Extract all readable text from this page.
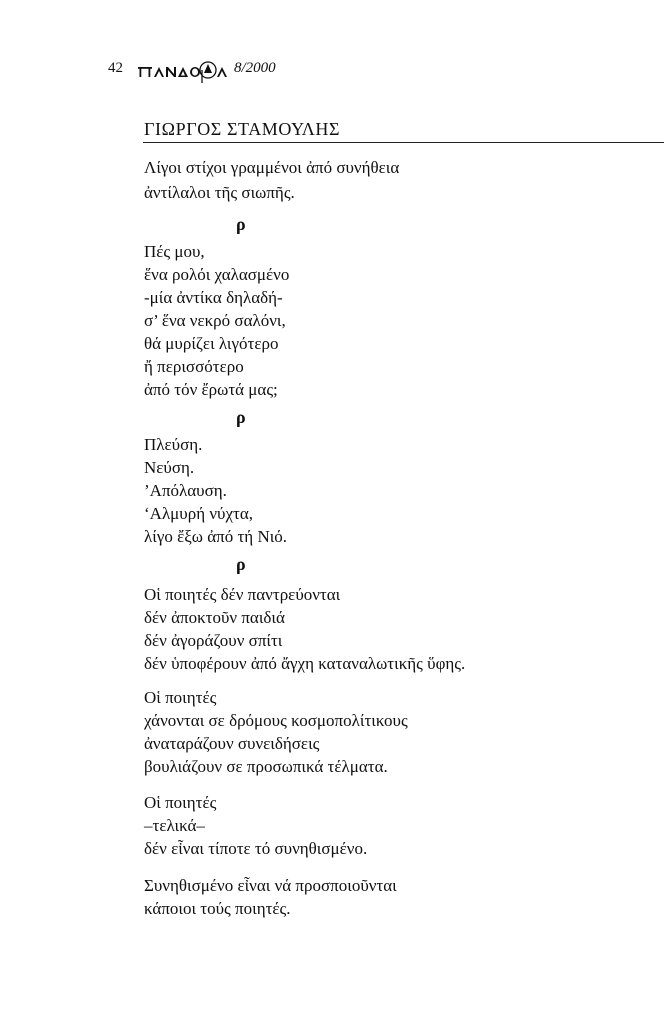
42	8/2000
ΓΙΩΡΓΟΣ ΣΤΑΜΟΥΛΗΣ
Λίγοι στίχοι γραμμένοι ἀπό συνήθεια
ἀντίλαλοι τῆς σιωπῆς.
ρ
Πές μου,
ἕνα ρολόι χαλασμένο
-μία ἀντίκα δηλαδή-
σ’ ἕνα νεκρό σαλόνι,
θά μυρίζει λιγότερο
ἤ περισσότερο
ἀπό τόν ἔρωτά μας;
ρ
Πλεύση.
Νεύση.
’Απόλαυση.
‘Αλμυρή νύχτα,
λίγο ἔξω ἀπό τή Νιό.
ρ
Οἱ ποιητές δέν παντρεύονται
δέν ἀποκτοῦν παιδιά
δέν ἀγοράζουν σπίτι
δέν ὑποφέρουν ἀπό ἄγχη καταναλωτικῆς ὕφης.
Οἱ ποιητές
χάνονται σε δρόμους κοσμοπολίτικους
ἀναταράζουν συνειδήσεις
βουλιάζουν σε προσωπικά τέλματα.
Οἱ ποιητές
–τελικά–
δέν εἶναι τίποτε τό συνηθισμένο.
Συνηθισμένο εἶναι νά προσποιοῦνται
κάποιοι τούς ποιητές.
